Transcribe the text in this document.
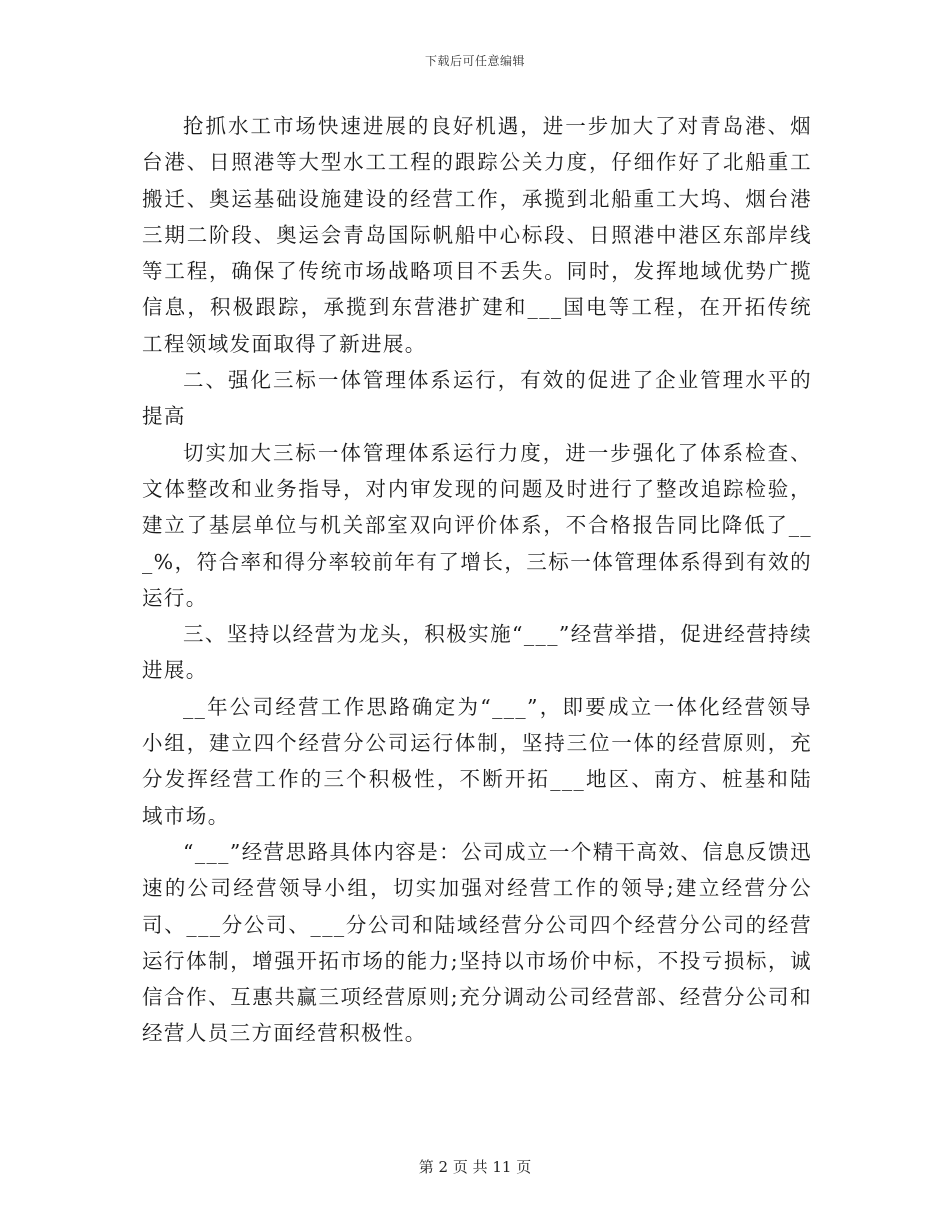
下载后可任意编辑

抢抓水工市场快速进展的良好机遇，进一步加大了对青岛港、烟台港、日照港等大型水工工程的跟踪公关力度，仔细作好了北船重工搬迁、奥运基础设施建设的经营工作，承揽到北船重工大坞、烟台港三期二阶段、奥运会青岛国际帆船中心标段、日照港中港区东部岸线等工程，确保了传统市场战略项目不丢失。同时，发挥地域优势广揽信息，积极跟踪，承揽到东营港扩建和___国电等工程，在开拓传统工程领域发面取得了新进展。

二、强化三标一体管理体系运行，有效的促进了企业管理水平的提高

切实加大三标一体管理体系运行力度，进一步强化了体系检查、文体整改和业务指导，对内审发现的问题及时进行了整改追踪检验，建立了基层单位与机关部室双向评价体系，不合格报告同比降低了___%，符合率和得分率较前年有了增长，三标一体管理体系得到有效的运行。

三、坚持以经营为龙头，积极实施“___”经营举措，促进经营持续进展。

__年公司经营工作思路确定为“___”，即要成立一体化经营领导小组，建立四个经营分公司运行体制，坚持三位一体的经营原则，充分发挥经营工作的三个积极性，不断开拓___地区、南方、桩基和陆域市场。

“___”经营思路具体内容是：公司成立一个精干高效、信息反馈迅速的公司经营领导小组，切实加强对经营工作的领导;建立经营分公司、___分公司、___分公司和陆域经营分公司四个经营分公司的经营运行体制，增强开拓市场的能力;坚持以市场价中标，不投亏损标，诚信合作、互惠共赢三项经营原则;充分调动公司经营部、经营分公司和经营人员三方面经营积极性。

第 2 页 共 11 页
